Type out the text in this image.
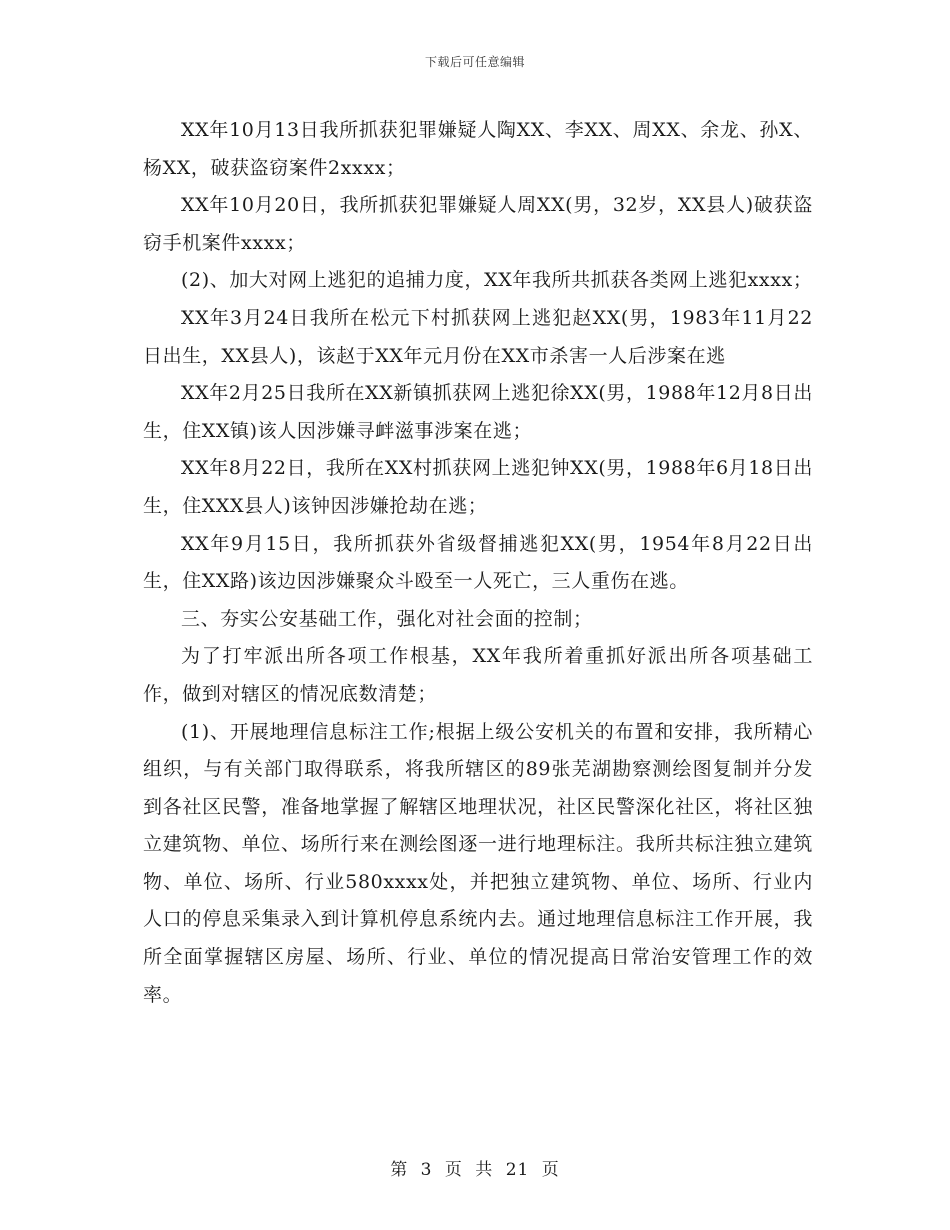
下载后可任意编辑

XX年10月13日我所抓获犯罪嫌疑人陶XX、李XX、周XX、余龙、孙X、杨XX，破获盗窃案件2xxxx；

XX年10月20日，我所抓获犯罪嫌疑人周XX(男，32岁，XX县人)破获盗窃手机案件xxxx；

(2)、加大对网上逃犯的追捕力度，XX年我所共抓获各类网上逃犯xxxx；

XX年3月24日我所在松元下村抓获网上逃犯赵XX(男，1983年11月22日出生，XX县人)，该赵于XX年元月份在XX市杀害一人后涉案在逃

XX年2月25日我所在XX新镇抓获网上逃犯徐XX(男，1988年12月8日出生，住XX镇)该人因涉嫌寻衅滋事涉案在逃；

XX年8月22日，我所在XX村抓获网上逃犯钟XX(男，1988年6月18日出生，住XXX县人)该钟因涉嫌抢劫在逃；

XX年9月15日，我所抓获外省级督捕逃犯XX(男，1954年8月22日出生，住XX路)该边因涉嫌聚众斗殴至一人死亡，三人重伤在逃。

三、夯实公安基础工作，强化对社会面的控制；

为了打牢派出所各项工作根基，XX年我所着重抓好派出所各项基础工作，做到对辖区的情况底数清楚；

(1)、开展地理信息标注工作;根据上级公安机关的布置和安排，我所精心组织，与有关部门取得联系，将我所辖区的89张芜湖勘察测绘图复制并分发到各社区民警，准备地掌握了解辖区地理状况，社区民警深化社区，将社区独立建筑物、单位、场所行来在测绘图逐一进行地理标注。我所共标注独立建筑物、单位、场所、行业580xxxx处，并把独立建筑物、单位、场所、行业内人口的停息采集录入到计算机停息系统内去。通过地理信息标注工作开展，我所全面掌握辖区房屋、场所、行业、单位的情况提高日常治安管理工作的效率。

第 3 页 共 21 页
